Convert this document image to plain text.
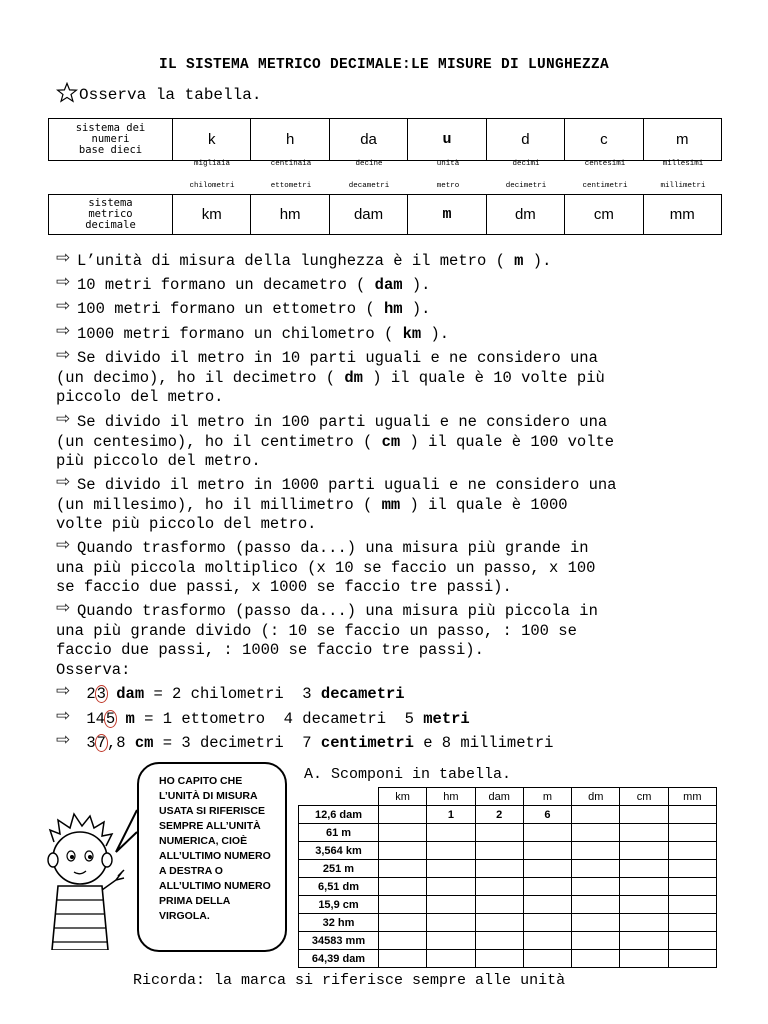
IL SISTEMA METRICO DECIMALE:LE MISURE DI LUNGHEZZA
Osserva la tabella.
sistema dei
numeri
base dieci	k	h	da	u	d	c	m
migliaia	centinaia	decine	unità	decimi	centesimi	millesimi
chilometri	ettometri	decametri	metro	decimetri	centimetri	millimetri
sistema
metrico
decimale	km	hm	dam	m	dm	cm	mm
⇨ L’unità di misura della lunghezza è il metro ( m ).
⇨ 10 metri formano un decametro ( dam ).
⇨ 100 metri formano un ettometro ( hm ).
⇨ 1000 metri formano un chilometro ( km ).
⇨ Se divido il metro in 10 parti uguali e ne considero una
(un decimo), ho il decimetro ( dm ) il quale è 10 volte più
piccolo del metro.
⇨ Se divido il metro in 100 parti uguali e ne considero una
(un centesimo), ho il centimetro ( cm ) il quale è 100 volte
più piccolo del metro.
⇨ Se divido il metro in 1000 parti uguali e ne considero una
(un millesimo), ho il millimetro ( mm ) il quale è 1000
volte più piccolo del metro.
⇨ Quando trasformo (passo da...) una misura più grande in
una più piccola moltiplico (x 10 se faccio un passo, x 100
se faccio due passi, x 1000 se faccio tre passi).
⇨ Quando trasformo (passo da...) una misura più piccola in
una più grande divido (: 10 se faccio un passo, : 100 se
faccio due passi, : 1000 se faccio tre passi).
Osserva:
⇨ 23 dam = 2 chilometri  3 decametri
⇨ 145 m = 1 ettometro  4 decametri  5 metri
⇨ 37,8 cm = 3 decimetri  7 centimetri e 8 millimetri
HO CAPITO CHE L’UNITÀ DI MISURA USATA SI RIFERISCE SEMPRE ALL’UNITÀ NUMERICA, CIOÈ ALL’ULTIMO NUMERO A DESTRA O ALL’ULTIMO NUMERO PRIMA DELLA VIRGOLA.
A. Scomponi in tabella.
	km	hm	dam	m	dm	cm	mm
12,6 dam		1	2	6			
61 m							
3,564 km							
251 m							
6,51 dm							
15,9 cm							
32 hm							
34583 mm							
64,39 dam							
Ricorda: la marca si riferisce sempre alle unità
